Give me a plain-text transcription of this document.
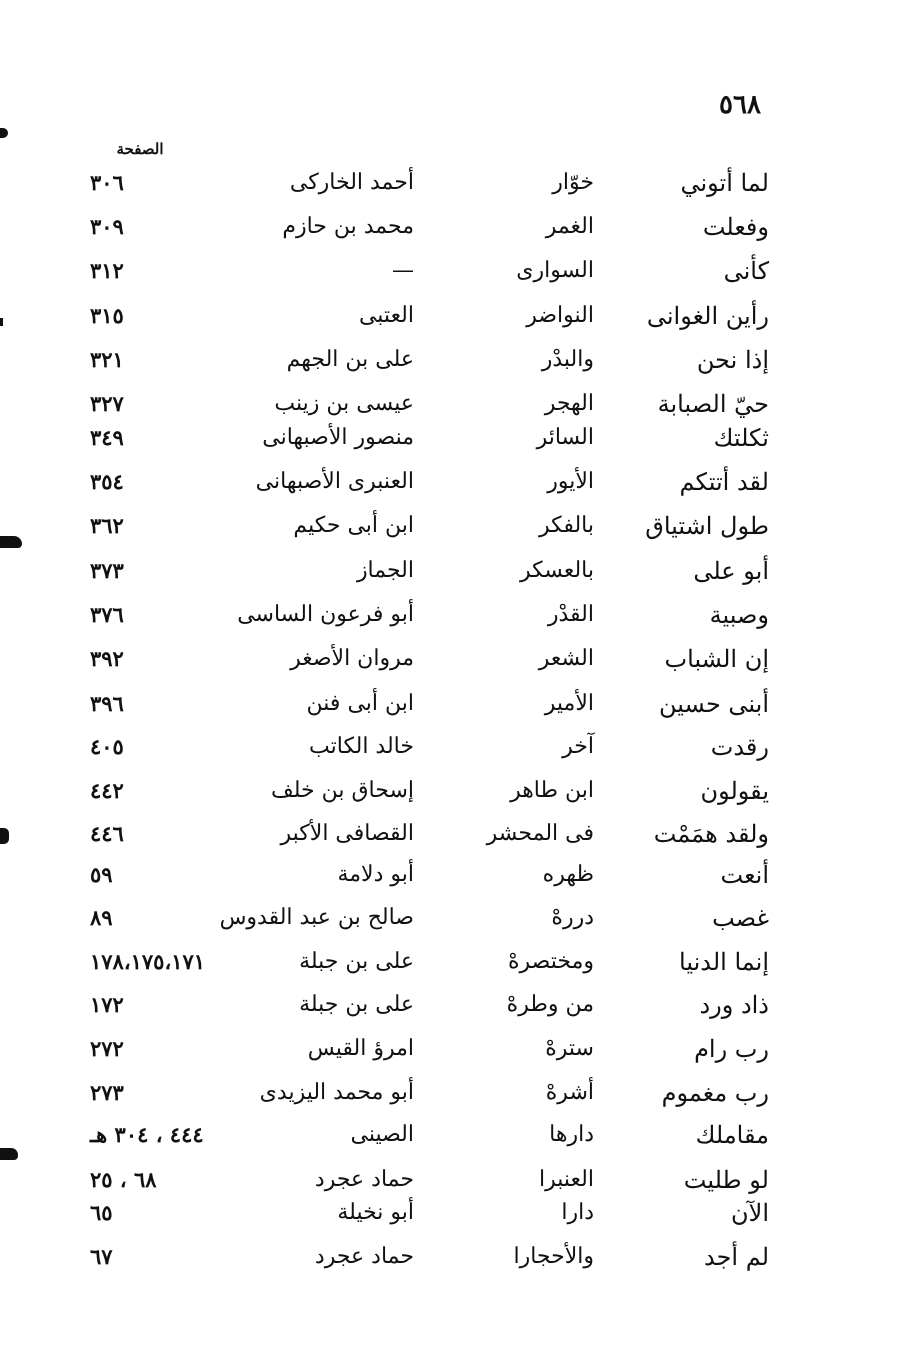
٥٦٨
الصفحة
لما أتوني
خوّار
أحمد الخاركى
٣٠٦
وفعلت
الغمر
محمد بن حازم
٣٠٩
كأنى
السوارى
—
٣١٢
رأين الغوانى
النواضر
العتبى
٣١٥
إذا نحن
والبدْر
على بن الجهم
٣٢١
حيّ الصبابة
الهجر
عيسى بن زينب
٣٢٧
ثكلتك
السائر
منصور الأصبهانى
٣٤٩
لقد أتتكم
الأيور
العنبرى الأصبهانى
٣٥٤
طول اشتياق
بالفكر
ابن أبى حكيم
٣٦٢
أبو على
بالعسكر
الجماز
٣٧٣
وصبية
القدْر
أبو فرعون الساسى
٣٧٦
إن الشباب
الشعر
مروان الأصغر
٣٩٢
أبنى حسين
الأمير
ابن أبى فنن
٣٩٦
رقدت
آخر
خالد الكاتب
٤٠٥
يقولون
ابن طاهر
إسحاق بن خلف
٤٤٢
ولقد همَمْت
فى المحشر
القصافى الأكبر
٤٤٦
أنعت
ظهره
أبو دلامة
٥٩
غصب
دررهْ
صالح بن عبد القدوس
٨٩
إنما الدنيا
ومختصرهْ
على بن جبلة
١٧٨،١٧٥،١٧١
ذاد ورد
من وطرهْ
على بن جبلة
١٧٢
رب رام
سترهْ
امرؤ القيس
٢٧٢
رب مغموم
أشرهْ
أبو محمد اليزيدى
٢٧٣
مقاملك
دارها
الصينى
٤٤٤ ، ٣٠٤ هـ
لو طليت
العنبرا
حماد عجرد
٦٨ ، ٢٥
الآن
دارا
أبو نخيلة
٦٥
لم أجد
والأحجارا
حماد عجرد
٦٧
